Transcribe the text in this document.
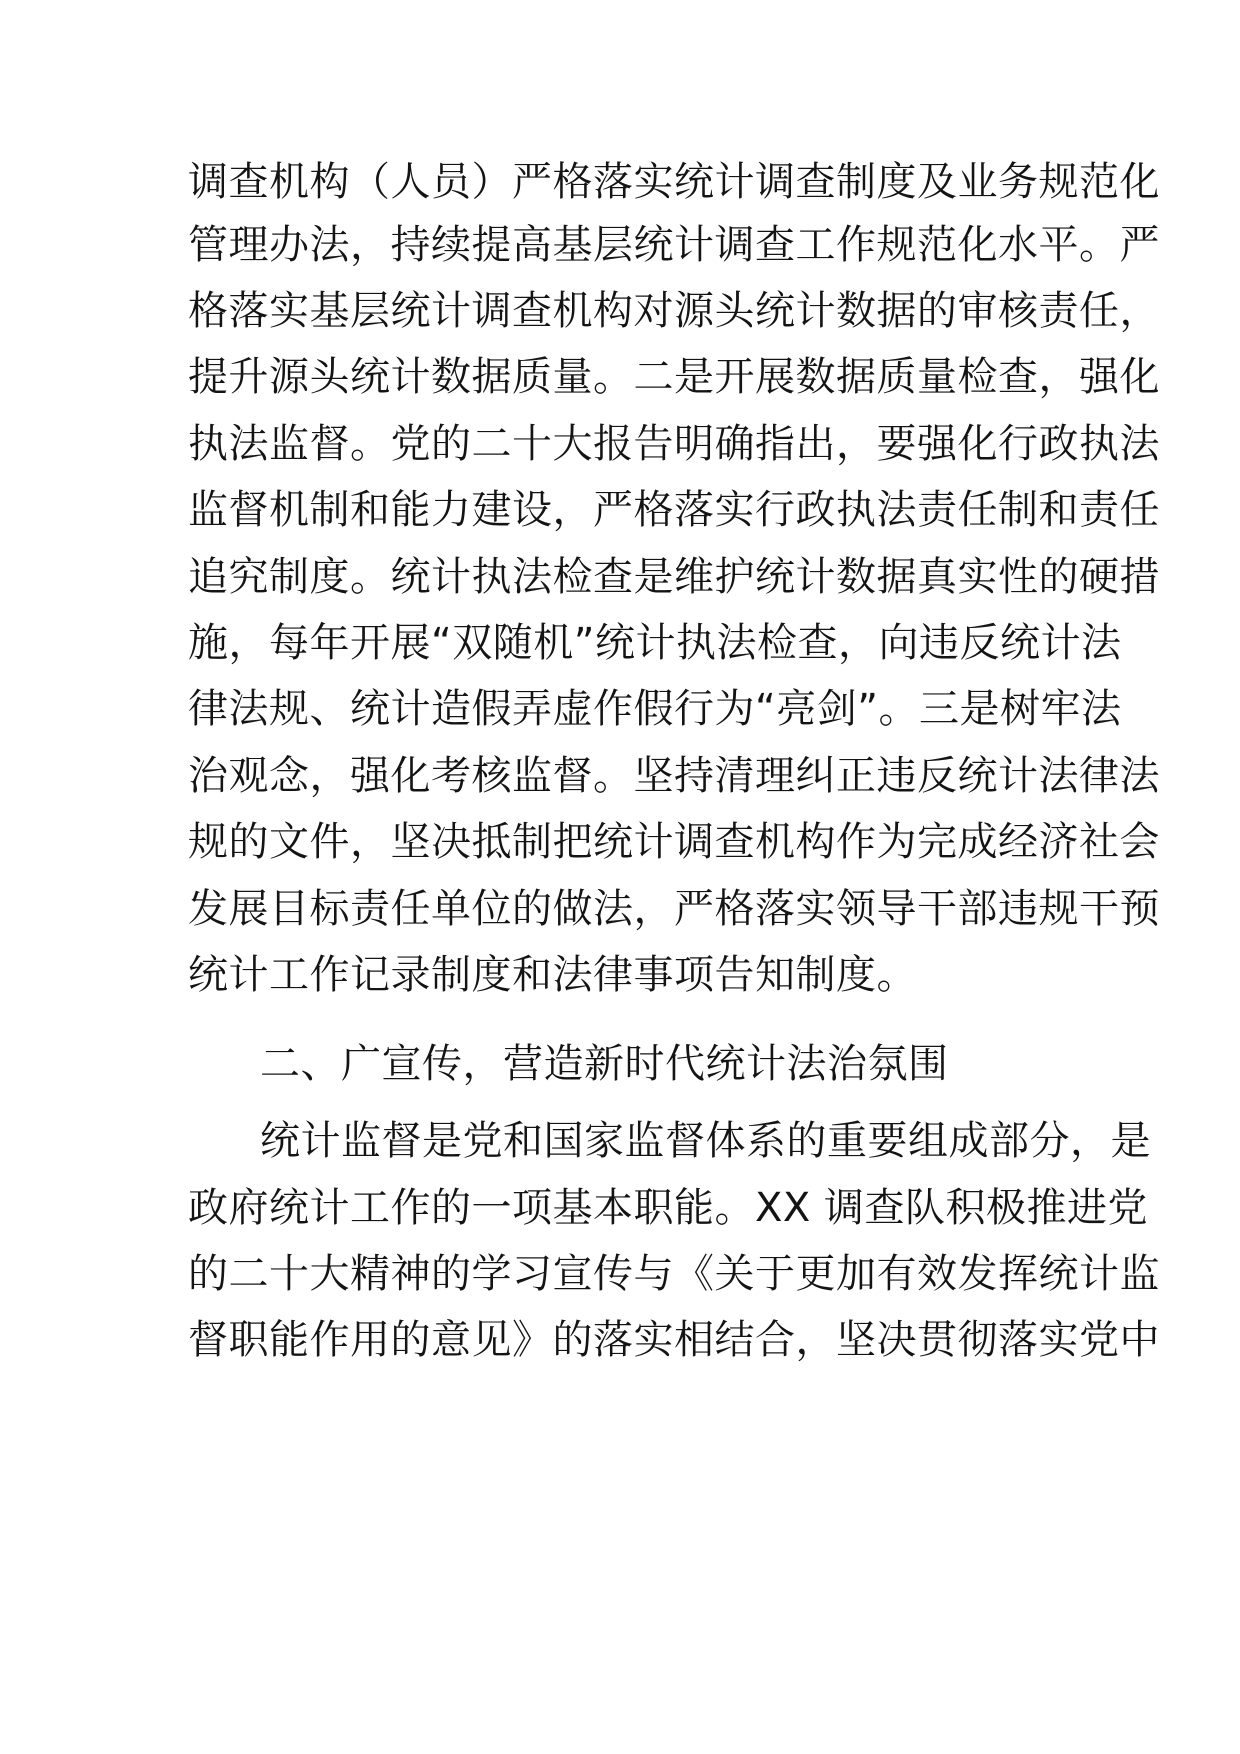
调查机构（人员）严格落实统计调查制度及业务规范化
管理办法，持续提高基层统计调查工作规范化水平。严
格落实基层统计调查机构对源头统计数据的审核责任，
提升源头统计数据质量。二是开展数据质量检查，强化
执法监督。党的二十大报告明确指出，要强化行政执法
监督机制和能力建设，严格落实行政执法责任制和责任
追究制度。统计执法检查是维护统计数据真实性的硬措
施，每年开展“双随机”统计执法检查，向违反统计法
律法规、统计造假弄虚作假行为“亮剑”。三是树牢法
治观念，强化考核监督。坚持清理纠正违反统计法律法
规的文件，坚决抵制把统计调查机构作为完成经济社会
发展目标责任单位的做法，严格落实领导干部违规干预
统计工作记录制度和法律事项告知制度。
二、广宣传，营造新时代统计法治氛围
统计监督是党和国家监督体系的重要组成部分，是
政府统计工作的一项基本职能。XX 调查队积极推进党
的二十大精神的学习宣传与《关于更加有效发挥统计监
督职能作用的意见》的落实相结合，坚决贯彻落实党中
